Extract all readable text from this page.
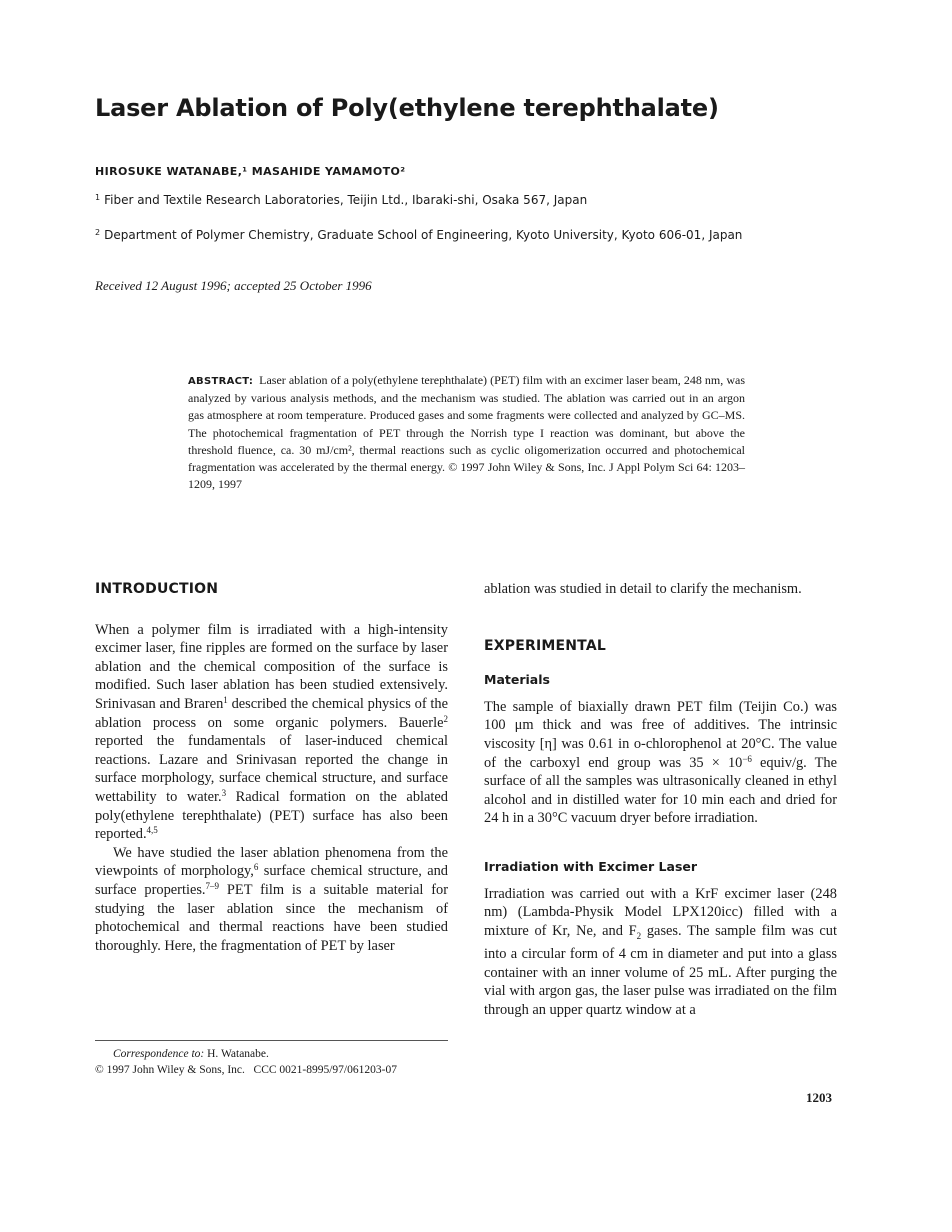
Laser Ablation of Poly(ethylene terephthalate)
HIROSUKE WATANABE,¹ MASAHIDE YAMAMOTO²
$^1$ Fiber and Textile Research Laboratories, Teijin Ltd., Ibaraki-shi, Osaka 567, Japan
$^2$ Department of Polymer Chemistry, Graduate School of Engineering, Kyoto University, Kyoto 606-01, Japan
Received 12 August 1996; accepted 25 October 1996
ABSTRACT: Laser ablation of a poly(ethylene terephthalate) (PET) film with an excimer laser beam, 248 nm, was analyzed by various analysis methods, and the mechanism was studied. The ablation was carried out in an argon gas atmosphere at room temperature. Produced gases and some fragments were collected and analyzed by GC–MS. The photochemical fragmentation of PET through the Norrish type I reaction was dominant, but above the threshold fluence, ca. 30 mJ/cm², thermal reactions such as cyclic oligomerization occurred and photochemical fragmentation was accelerated by the thermal energy. © 1997 John Wiley & Sons, Inc. J Appl Polym Sci 64: 1203–1209, 1997
INTRODUCTION

When a polymer film is irradiated with a high-intensity excimer laser, fine ripples are formed on the surface by laser ablation and the chemical composition of the surface is modified. Such laser ablation has been studied extensively. Srinivasan and Braren$^1$ described the chemical physics of the ablation process on some organic polymers. Bauerle$^2$ reported the fundamentals of laser-induced chemical reactions. Lazare and Srinivasan reported the change in surface morphology, surface chemical structure, and surface wettability to water.$^3$ Radical formation on the ablated poly(ethylene terephthalate) (PET) surface has also been reported.$^{4,5}$

We have studied the laser ablation phenomena from the viewpoints of morphology,$^6$ surface chemical structure, and surface properties.$^{7-9}$ PET film is a suitable material for studying the laser ablation since the mechanism of photochemical and thermal reactions have been studied thoroughly. Here, the fragmentation of PET by laser

Correspondence to: H. Watanabe.
© 1997 John Wiley & Sons, Inc.   CCC 0021-8995/97/061203-07

ablation was studied in detail to clarify the mechanism.

EXPERIMENTAL
Materials

The sample of biaxially drawn PET film (Teijin Co.) was 100 μm thick and was free of additives. The intrinsic viscosity [η] was 0.61 in o-chlorophenol at 20°C. The value of the carboxyl end group was $35 \times 10^{-6}$ equiv/g. The surface of all the samples was ultrasonically cleaned in ethyl alcohol and in distilled water for 10 min each and dried for 24 h in a 30°C vacuum dryer before irradiation.

Irradiation with Excimer Laser

Irradiation was carried out with a KrF excimer laser (248 nm) (Lambda-Physik Model LPX120icc) filled with a mixture of Kr, Ne, and $F_2$ gases. The sample film was cut into a circular form of 4 cm in diameter and put into a glass container with an inner volume of 25 mL. After purging the vial with argon gas, the laser pulse was irradiated on the film through an upper quartz window at a

1203
